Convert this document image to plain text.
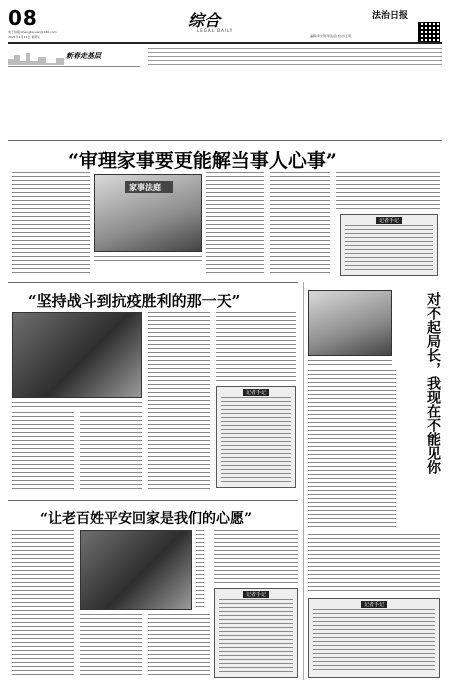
08
电子信箱:zhengfayuan@126.com
2021年1月29日 星期五
综合
LEGAL DAILY
法治日报
编辑/李光明 审读/孙 校对/王明
新春走基层
“审理家事要更能解当事人心事”
家事法庭
记者手记
“坚持战斗到抗疫胜利的那一天”
记者手记	对不起局长，我现在不能见你
记者手记
“让老百姓平安回家是我们的心愿”
记者手记
